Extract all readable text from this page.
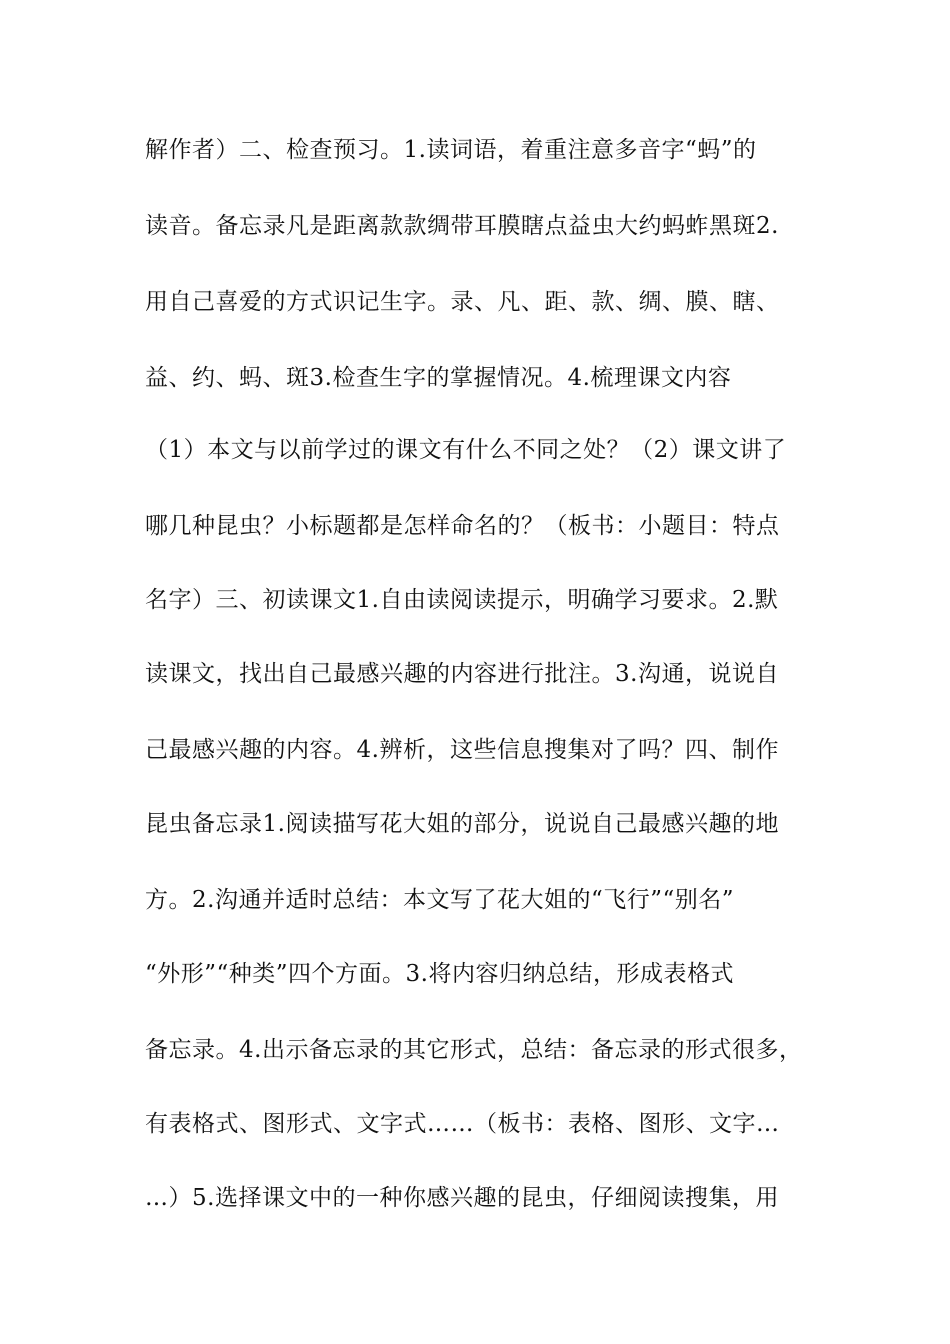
解作者）二、检查预习。1.读词语，着重注意多音字“蚂”的
读音。备忘录凡是距离款款绸带耳膜瞎点益虫大约蚂蚱黑斑2.
用自己喜爱的方式识记生字。录、凡、距、款、绸、膜、瞎、
益、约、蚂、斑3.检查生字的掌握情况。4.梳理课文内容
（1）本文与以前学过的课文有什么不同之处？（2）课文讲了
哪几种昆虫？小标题都是怎样命名的？（板书：小题目：特点
名字）三、初读课文1.自由读阅读提示，明确学习要求。2.默
读课文，找出自己最感兴趣的内容进行批注。3.沟通，说说自
己最感兴趣的内容。4.辨析，这些信息搜集对了吗？四、制作
昆虫备忘录1.阅读描写花大姐的部分，说说自己最感兴趣的地
方。2.沟通并适时总结：本文写了花大姐的“飞行”“别名”
“外形”“种类”四个方面。3.将内容归纳总结，形成表格式
备忘录。4.出示备忘录的其它形式，总结：备忘录的形式很多，
有表格式、图形式、文字式……（板书：表格、图形、文字…
…）5.选择课文中的一种你感兴趣的昆虫，仔细阅读搜集，用
